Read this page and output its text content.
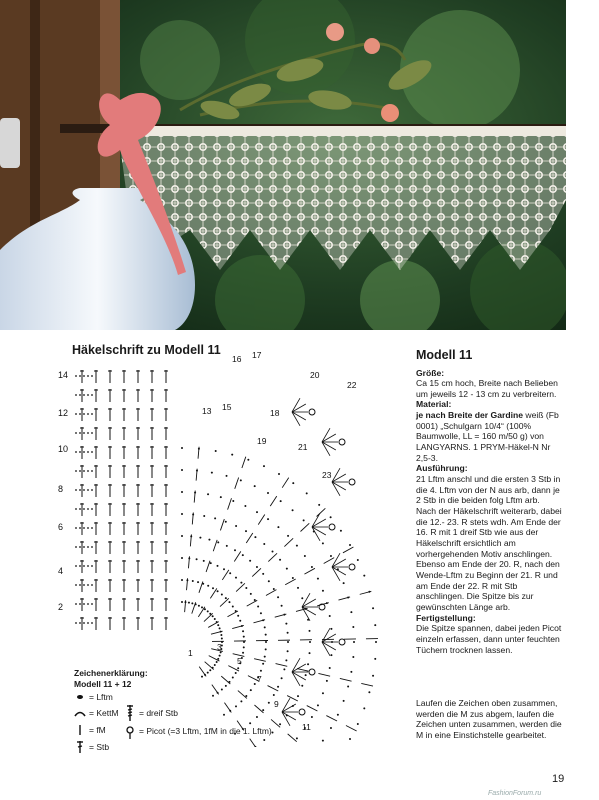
Häkelschrift zu Modell 11
14
12
10
8
6
4
2
1
3
5
7
9
11
13 15
16 17
18
19
20
21
22
23
Zeichenerklärung:
Modell 11 + 12
= Lftm
= KettM
= fM
= Stb
= dreif Stb
= Picot (=3 Lftm, 1fM in die 1. Lftm)
Modell 11
Größe:

Ca 15 cm hoch, Breite nach Belieben um jeweils 12 - 13 cm zu verbreitern.

Material:

je nach Breite der Gardine weiß (Fb 0001) „Schulgarn 10/4“ (100% Baumwolle, LL = 160 m/50 g) von LANGYARNS. 1 PRYM-Häkel-N Nr 2,5-3.

Ausführung:

21 Lftm anschl und die ersten 3 Stb in die 4. Lftm von der N aus arb, dann je 2 Stb in die beiden folg Lftm arb. Nach der Häkelschrift weiterarb, dabei die 12.- 23. R stets wdh. Am Ende der 16. R mit 1 dreif Stb wie aus der Häkelschrift ersichtlich am vorhergehenden Motiv anschlingen. Ebenso am Ende der 20. R, nach den Wende-Lftm zu Beginn der 21. R und am Ende der 22. R mit Stb anschlingen. Die Spitze bis zur gewünschten Länge arb.

Fertigstellung:

Die Spitze spannen, dabei jeden Picot einzeln erfassen, dann unter feuchten Tüchern trocknen lassen.

Laufen die Zeichen oben zusammen, werden die M zus abgem, laufen die Zeichen unten zusammen, werden die M in eine Einstichstelle gearbeitet.
19
FashionForum.ru
